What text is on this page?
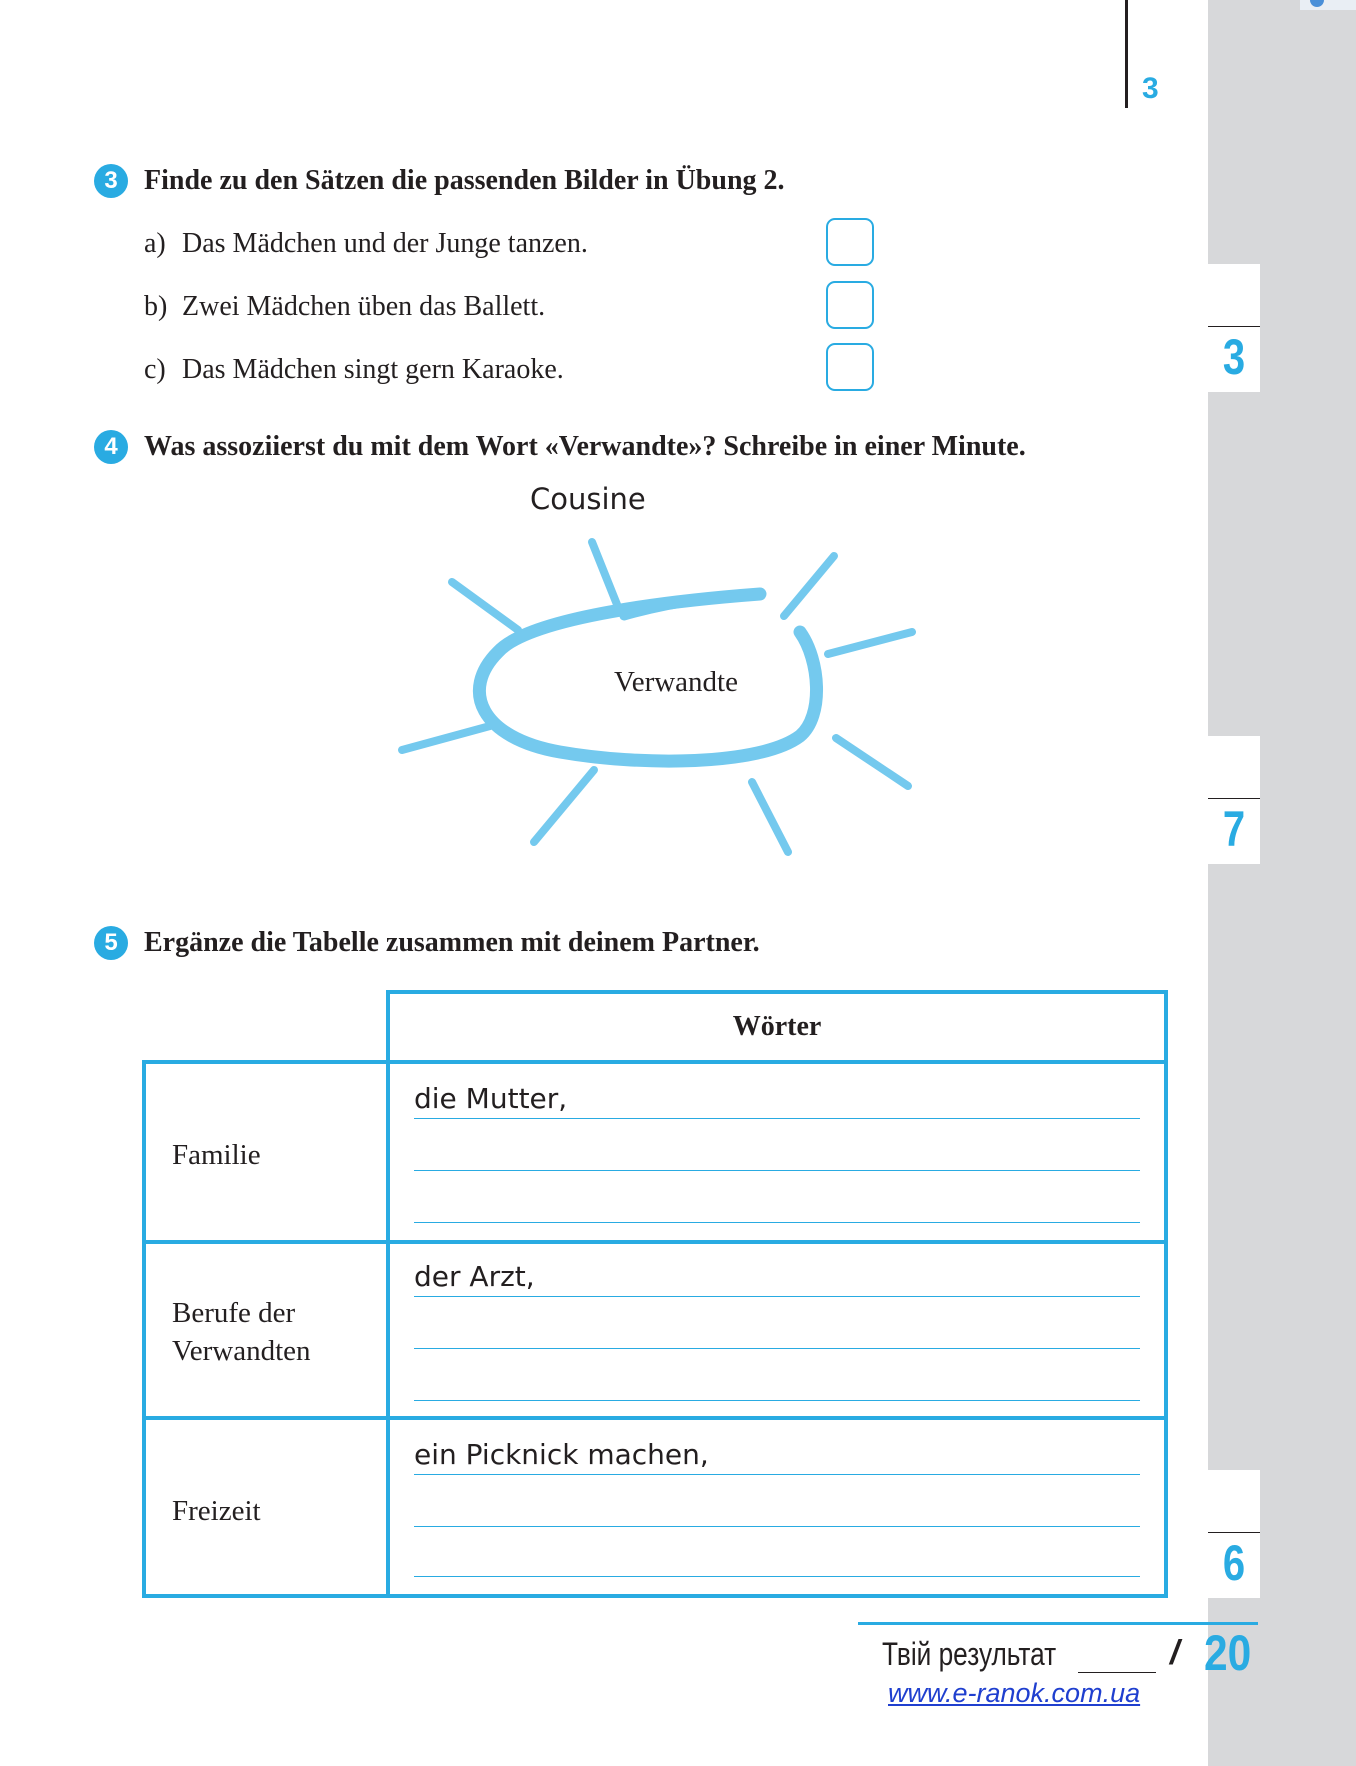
3
7
6
3
3 Finde zu den Sätzen die passenden Bilder in Übung 2.
a) Das Mädchen und der Junge tanzen.
b) Zwei Mädchen üben das Ballett.
c) Das Mädchen singt gern Karaoke.
4 Was assoziierst du mit dem Wort «Verwandte»? Schreibe in einer Minute.
Cousine
Verwandte
5 Ergänze die Tabelle zusammen mit deinem Partner.
Wörter
Familie
die Mutter,
Berufe der
Verwandten
der Arzt,
Freizeit
ein Picknick machen,
Твій результат	/ 20
www.e-ranok.com.ua
